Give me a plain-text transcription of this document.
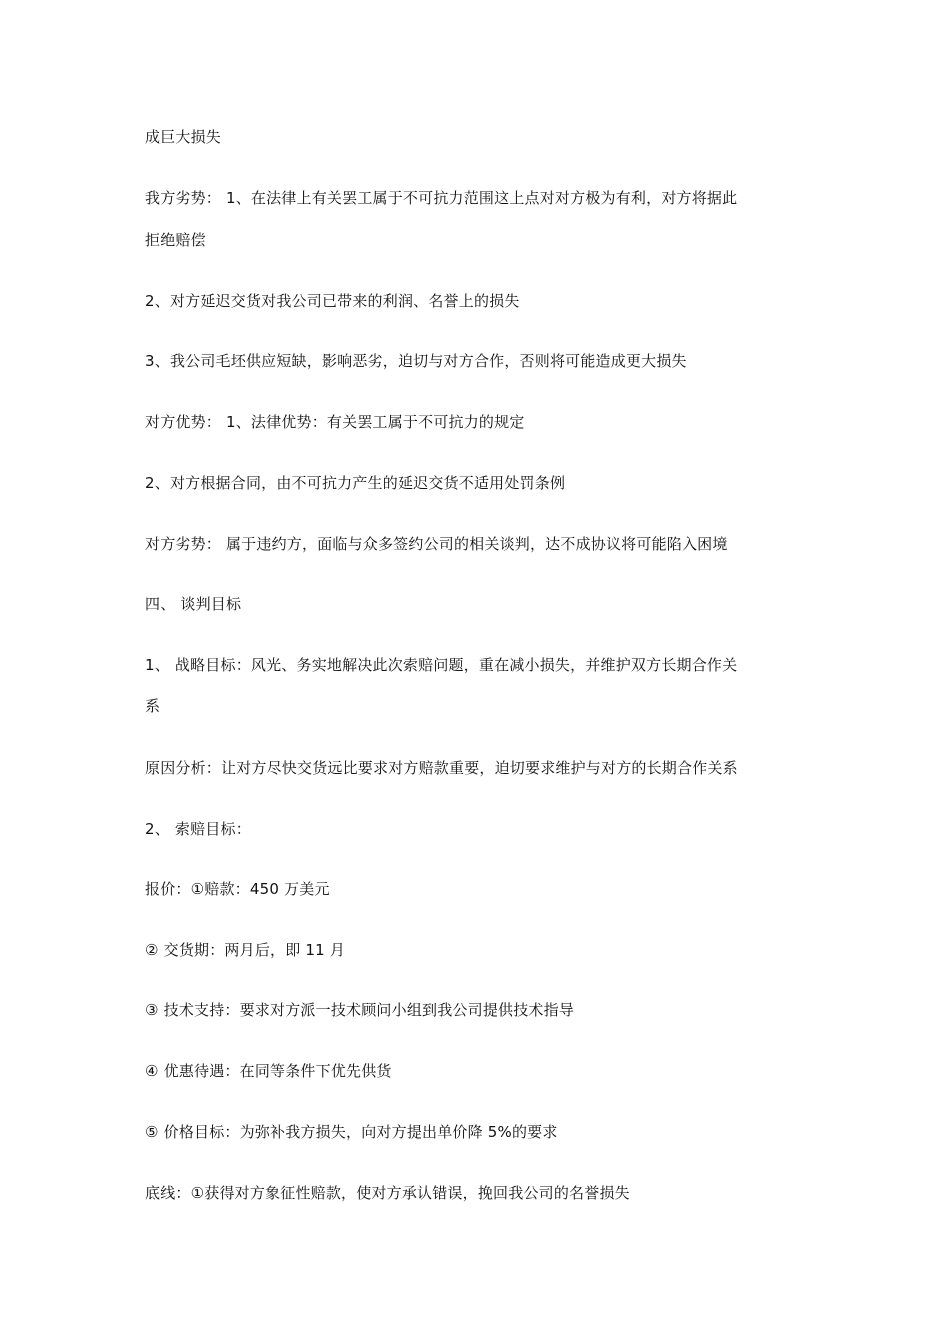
成巨大损失
我方劣势： 1、在法律上有关罢工属于不可抗力范围这上点对对方极为有利，对方将据此
拒绝赔偿
2、对方延迟交货对我公司已带来的利润、名誉上的损失
3、我公司毛坯供应短缺，影响恶劣，迫切与对方合作，否则将可能造成更大损失
对方优势： 1、法律优势：有关罢工属于不可抗力的规定
2、对方根据合同，由不可抗力产生的延迟交货不适用处罚条例
对方劣势： 属于违约方，面临与众多签约公司的相关谈判，达不成协议将可能陷入困境
四、 谈判目标
1、 战略目标：风光、务实地解决此次索赔问题，重在减小损失，并维护双方长期合作关
系
原因分析：让对方尽快交货远比要求对方赔款重要，迫切要求维护与对方的长期合作关系
2、 索赔目标：
报价：①赔款：450 万美元
② 交货期：两月后，即 11 月
③ 技术支持：要求对方派一技术顾问小组到我公司提供技术指导
④ 优惠待遇：在同等条件下优先供货
⑤ 价格目标：为弥补我方损失，向对方提出单价降 5%的要求
底线：①获得对方象征性赔款，使对方承认错误，挽回我公司的名誉损失
